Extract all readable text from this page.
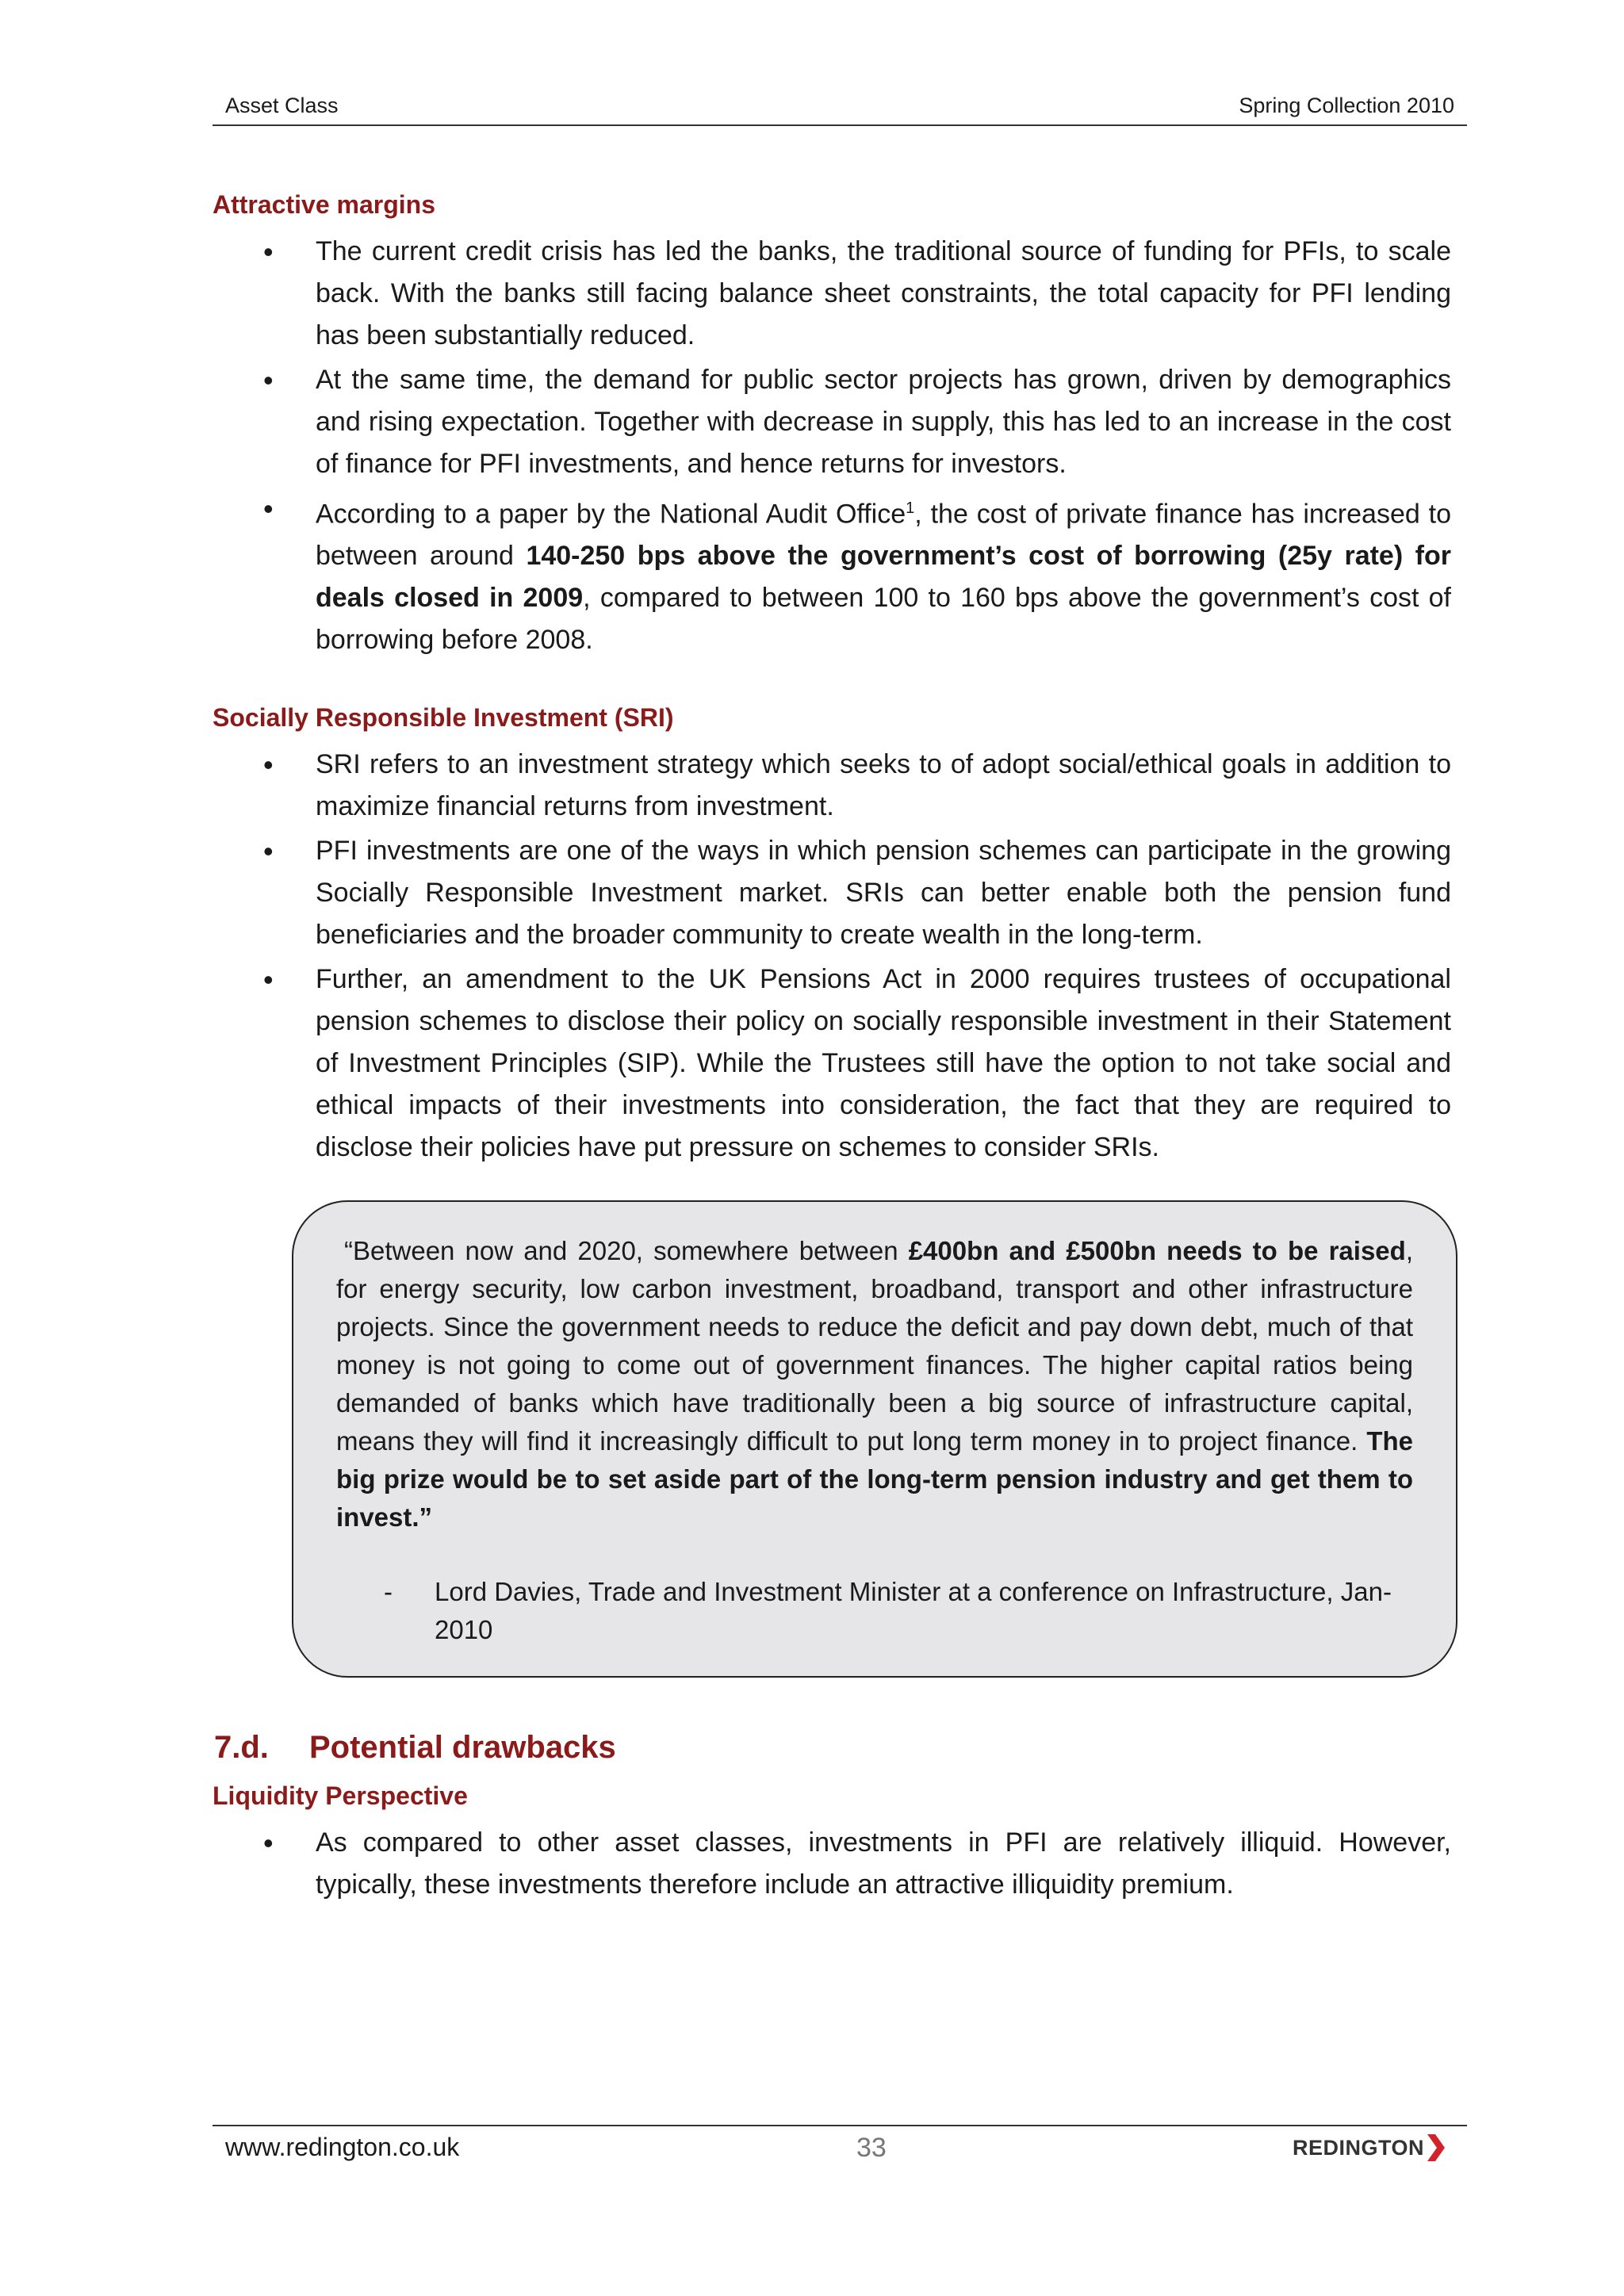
Asset Class	Spring Collection 2010
Attractive margins
• The current credit crisis has led the banks, the traditional source of funding for PFIs, to scale back. With the banks still facing balance sheet constraints, the total capacity for PFI lending has been substantially reduced.
• At the same time, the demand for public sector projects has grown, driven by demographics and rising expectation. Together with decrease in supply, this has led to an increase in the cost of finance for PFI investments, and hence returns for investors.
• According to a paper by the National Audit Office$^1$, the cost of private finance has increased to between around 140-250 bps above the government’s cost of borrowing (25y rate) for deals closed in 2009, compared to between 100 to 160 bps above the government’s cost of borrowing before 2008.
Socially Responsible Investment (SRI)
• SRI refers to an investment strategy which seeks to of adopt social/ethical goals in addition to maximize financial returns from investment.
• PFI investments are one of the ways in which pension schemes can participate in the growing Socially Responsible Investment market. SRIs can better enable both the pension fund beneficiaries and the broader community to create wealth in the long-term.
• Further, an amendment to the UK Pensions Act in 2000 requires trustees of occupational pension schemes to disclose their policy on socially responsible investment in their Statement of Investment Principles (SIP). While the Trustees still have the option to not take social and ethical impacts of their investments into consideration, the fact that they are required to disclose their policies have put pressure on schemes to consider SRIs.

“Between now and 2020, somewhere between £400bn and £500bn needs to be raised, for energy security, low carbon investment, broadband, transport and other infrastructure projects. Since the government needs to reduce the deficit and pay down debt, much of that money is not going to come out of government finances. The higher capital ratios being demanded of banks which have traditionally been a big source of infrastructure capital, means they will find it increasingly difficult to put long term money in to project finance. The big prize would be to set aside part of the long-term pension industry and get them to invest.”

- Lord Davies, Trade and Investment Minister at a conference on Infrastructure, Jan-2010
7.d.	Potential drawbacks
Liquidity Perspective
• As compared to other asset classes, investments in PFI are relatively illiquid. However, typically, these investments therefore include an attractive illiquidity premium.
www.redington.co.uk	33	REDINGTON
